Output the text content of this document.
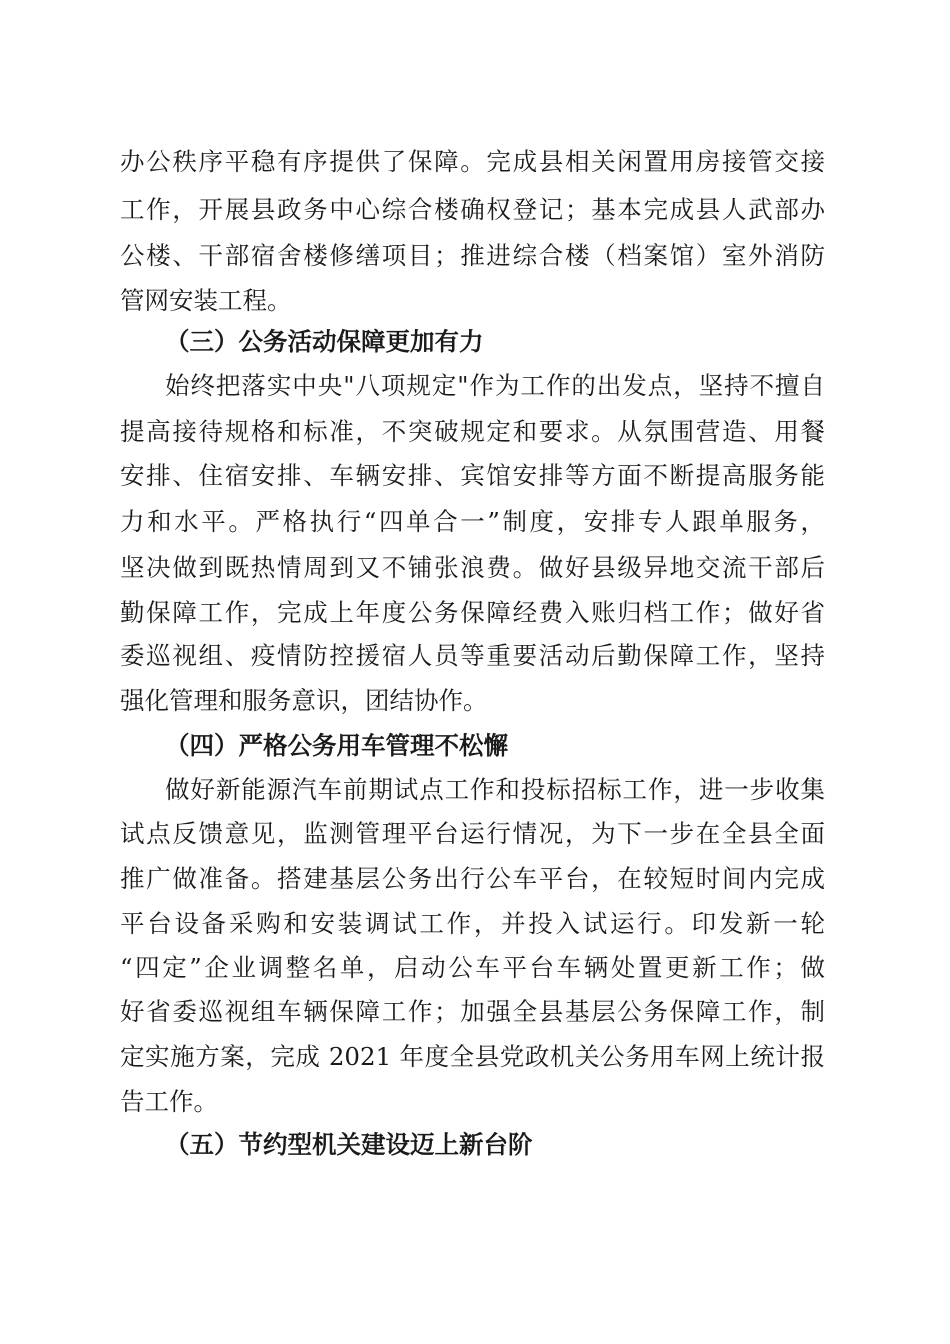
办公秩序平稳有序提供了保障。完成县相关闲置用房接管交接
工作，开展县政务中心综合楼确权登记；基本完成县人武部办
公楼、干部宿舍楼修缮项目；推进综合楼（档案馆）室外消防
管网安装工程。
（三）公务活动保障更加有力
始终把落实中央"八项规定"作为工作的出发点，坚持不擅自
提高接待规格和标准，不突破规定和要求。从氛围营造、用餐
安排、住宿安排、车辆安排、宾馆安排等方面不断提高服务能
力和水平。严格执行“四单合一”制度，安排专人跟单服务，
坚决做到既热情周到又不铺张浪费。做好县级异地交流干部后
勤保障工作，完成上年度公务保障经费入账归档工作；做好省
委巡视组、疫情防控援宿人员等重要活动后勤保障工作，坚持
强化管理和服务意识，团结协作。
（四）严格公务用车管理不松懈
做好新能源汽车前期试点工作和投标招标工作，进一步收集
试点反馈意见，监测管理平台运行情况，为下一步在全县全面
推广做准备。搭建基层公务出行公车平台，在较短时间内完成
平台设备采购和安装调试工作，并投入试运行。印发新一轮
“四定”企业调整名单，启动公车平台车辆处置更新工作；做
好省委巡视组车辆保障工作；加强全县基层公务保障工作，制
定实施方案，完成 2021 年度全县党政机关公务用车网上统计报
告工作。
（五）节约型机关建设迈上新台阶
